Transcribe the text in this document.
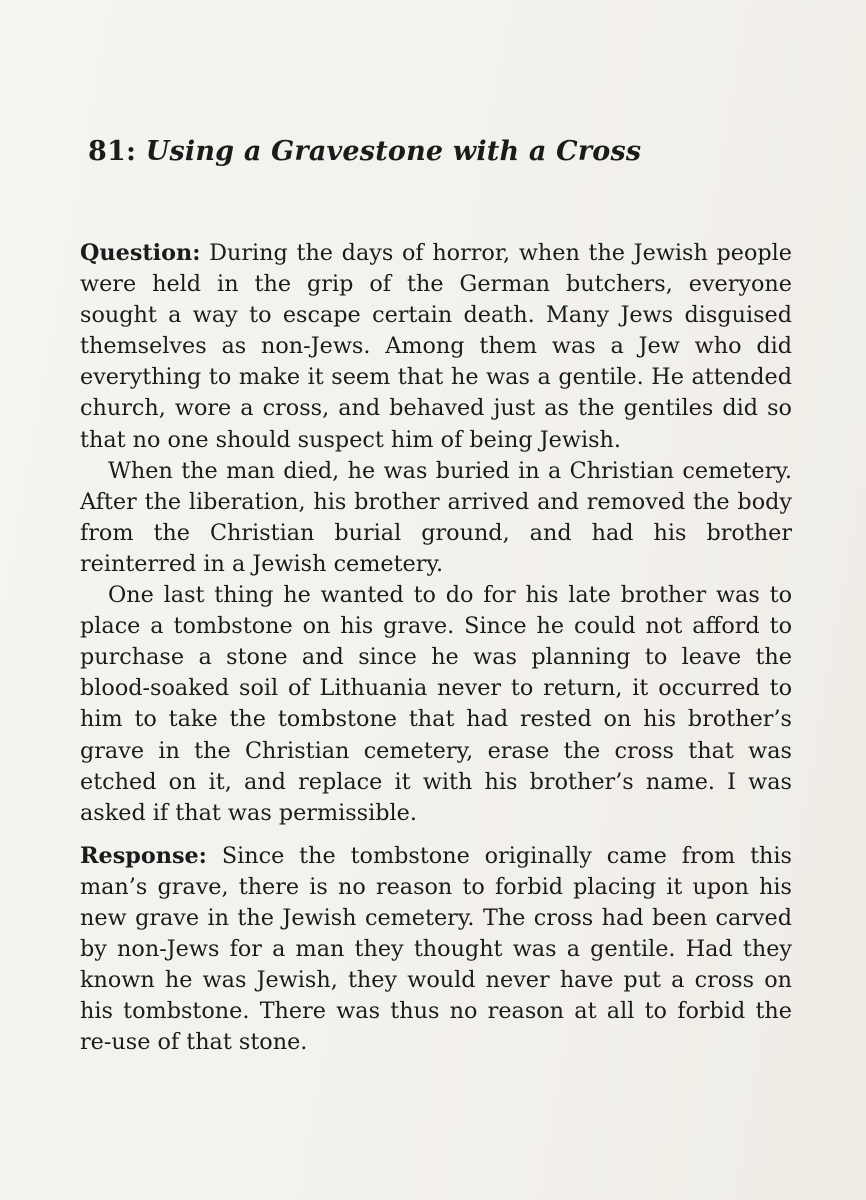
81: Using a Gravestone with a Cross

Question: During the days of horror, when the Jewish people were held in the grip of the German butchers, everyone sought a way to escape certain death. Many Jews disguised themselves as non-Jews. Among them was a Jew who did everything to make it seem that he was a gentile. He attended church, wore a cross, and behaved just as the gentiles did so that no one should suspect him of being Jewish.

When the man died, he was buried in a Christian cemetery. After the liberation, his brother arrived and removed the body from the Christian burial ground, and had his brother reinterred in a Jewish cemetery.

One last thing he wanted to do for his late brother was to place a tombstone on his grave. Since he could not afford to purchase a stone and since he was planning to leave the blood-soaked soil of Lithuania never to return, it occurred to him to take the tombstone that had rested on his brother’s grave in the Christian cemetery, erase the cross that was etched on it, and replace it with his brother’s name. I was asked if that was permissible.

Response: Since the tombstone originally came from this man’s grave, there is no reason to forbid placing it upon his new grave in the Jewish cemetery. The cross had been carved by non-Jews for a man they thought was a gentile. Had they known he was Jewish, they would never have put a cross on his tombstone. There was thus no reason at all to forbid the re-use of that stone.
